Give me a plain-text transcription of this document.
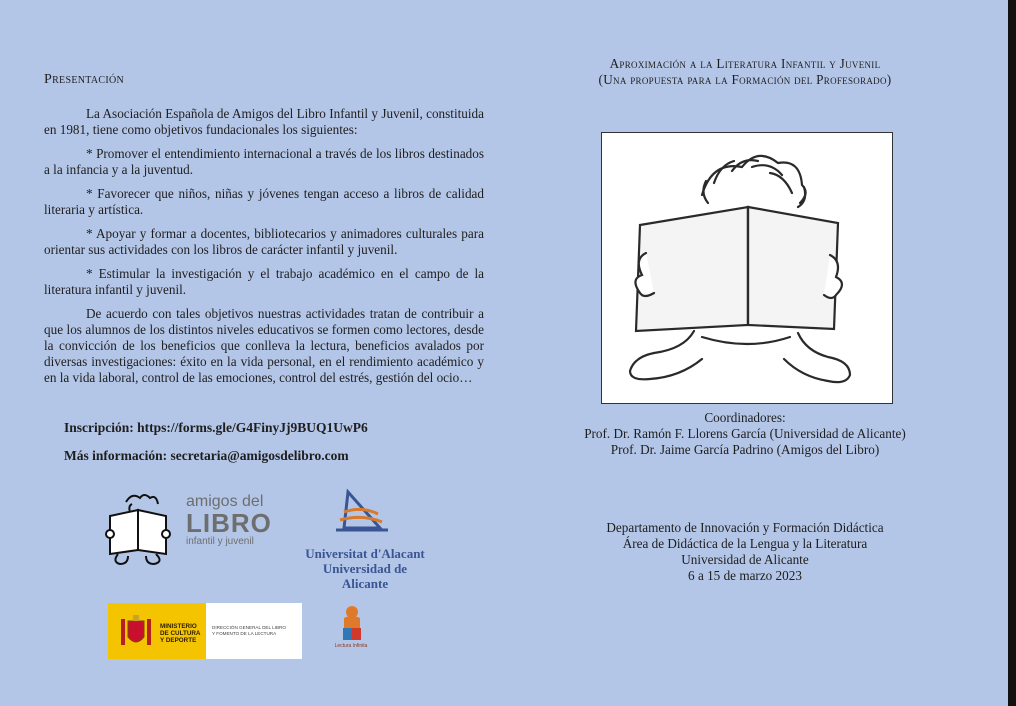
Presentación

La Asociación Española de Amigos del Libro Infantil y Juvenil, constituida en 1981, tiene como objetivos fundacionales los siguientes:

* Promover el entendimiento internacional a través de los libros destinados a la infancia y a la juventud.

* Favorecer que niños, niñas y jóvenes tengan acceso a libros de calidad literaria y artística.

* Apoyar y formar a docentes, bibliotecarios y animadores culturales para orientar sus actividades con los libros de carácter infantil y juvenil.

* Estimular la investigación y el trabajo académico en el campo de la literatura infantil y juvenil.

De acuerdo con tales objetivos nuestras actividades tratan de contribuir a que los alumnos de los distintos niveles educativos se formen como lectores, desde la convicción de los beneficios que conlleva la lectura, beneficios avalados por diversas investigaciones: éxito en la vida personal, en el rendimiento académico y en la vida laboral, control de las emociones, control del estrés, gestión del ocio…

Inscripción: https://forms.gle/G4FinyJj9BUQ1UwP6
Más información: secretaria@amigosdelibro.com
amigos del
LIBRO
infantil y juvenil
Universitat d'Alacant
Universidad de Alicante
MINISTERIO
DE CULTURA
Y DEPORTE
DIRECCIÓN GENERAL DEL LIBRO
Y FOMENTO DE LA LECTURA
Lectura Infinita
Aproximación a la Literatura Infantil y Juvenil
(Una propuesta para la Formación del Profesorado)
Coordinadores:
Prof. Dr. Ramón F. Llorens García (Universidad de Alicante)
Prof. Dr. Jaime García Padrino (Amigos del Libro)
Departamento de Innovación y Formación Didáctica
Área de Didáctica de la Lengua y la Literatura
Universidad de Alicante
6 a 15 de marzo 2023
